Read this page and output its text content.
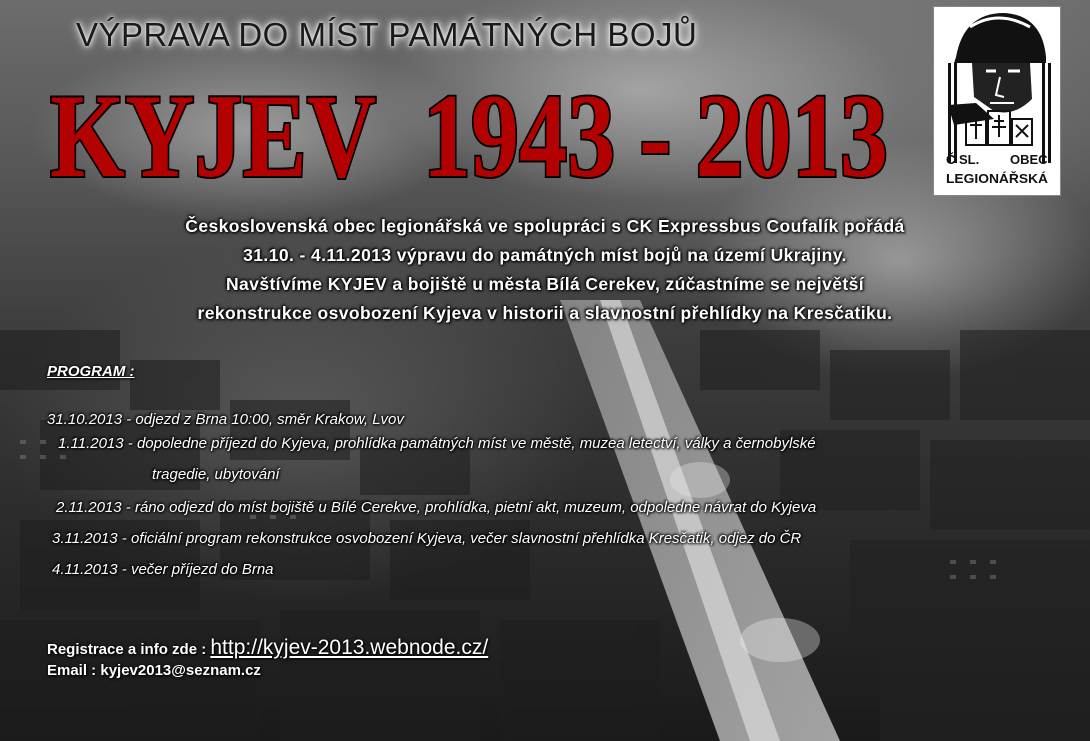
VÝPRAVA DO MÍST PAMÁTNÝCH BOJŮ
KYJEV  1943 - 2013	Č SL. OBEC
LEGIONÁŘSKÁ
Československá obec legionářská ve spolupráci s CK Expressbus Coufalík pořádá
31.10. - 4.11.2013 výpravu do památných míst bojů na území Ukrajiny.
Navštívíme KYJEV a bojiště u města Bílá Cerekev, zúčastníme se největší
rekonstrukce osvobození Kyjeva v historii a slavnostní přehlídky na Kresčatiku.
PROGRAM :
31.10.2013 - odjezd z Brna 10:00, směr Krakow, Lvov
1.11.2013 - dopoledne příjezd do Kyjeva, prohlídka památných míst ve městě, muzea letectví, války a černobylské
tragedie, ubytování
2.11.2013 - ráno odjezd do míst bojiště u Bílé Cerekve, prohlídka, pietní akt, muzeum, odpoledne návrat do Kyjeva
3.11.2013 - oficiální program rekonstrukce osvobození Kyjeva, večer slavnostní přehlídka Kresčatik, odjez do ČR
4.11.2013 - večer příjezd do Brna
Registrace a info zde : http://kyjev-2013.webnode.cz/
Email : kyjev2013@seznam.cz
